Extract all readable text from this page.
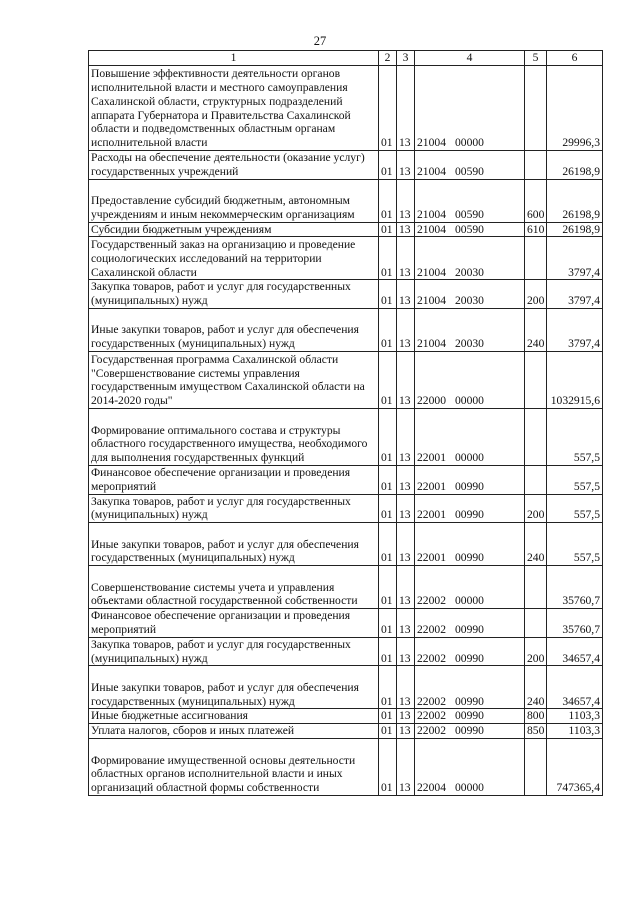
27
1	2	3	4	5	6
Повышение эффективности деятельности органов исполнительной власти и местного самоуправления Сахалинской области, структурных подразделений аппарата Губернатора и Правительства Сахалинской области и подведомственных областным органам исполнительной власти	01	13	21004 00000		29996,3
Расходы на обеспечение деятельности (оказание услуг) государственных учреждений	01	13	21004 00590		26198,9
Предоставление субсидий бюджетным, автономным учреждениям и иным некоммерческим организациям	01	13	21004 00590	600	26198,9
Субсидии бюджетным учреждениям	01	13	21004 00590	610	26198,9
Государственный заказ на организацию и проведение социологических исследований на территории Сахалинской области	01	13	21004 20030		3797,4
Закупка товаров, работ и услуг для государственных (муниципальных) нужд	01	13	21004 20030	200	3797,4
Иные закупки товаров, работ и услуг для обеспечения государственных (муниципальных) нужд	01	13	21004 20030	240	3797,4
Государственная программа Сахалинской области "Совершенствование системы управления государственным имуществом Сахалинской области на 2014-2020 годы"	01	13	22000 00000		1032915,6
Формирование оптимального состава и структуры областного государственного имущества, необходимого для выполнения государственных функций	01	13	22001 00000		557,5
Финансовое обеспечение организации и проведения мероприятий	01	13	22001 00990		557,5
Закупка товаров, работ и услуг для государственных (муниципальных) нужд	01	13	22001 00990	200	557,5
Иные закупки товаров, работ и услуг для обеспечения государственных (муниципальных) нужд	01	13	22001 00990	240	557,5
Совершенствование системы учета и управления объектами областной государственной собственности	01	13	22002 00000		35760,7
Финансовое обеспечение организации и проведения мероприятий	01	13	22002 00990		35760,7
Закупка товаров, работ и услуг для государственных (муниципальных) нужд	01	13	22002 00990	200	34657,4
Иные закупки товаров, работ и услуг для обеспечения государственных (муниципальных) нужд	01	13	22002 00990	240	34657,4
Иные бюджетные ассигнования	01	13	22002 00990	800	1103,3
Уплата налогов, сборов и иных платежей	01	13	22002 00990	850	1103,3
Формирование имущественной основы деятельности областных органов исполнительной власти и иных организаций областной формы собственности	01	13	22004 00000		747365,4
